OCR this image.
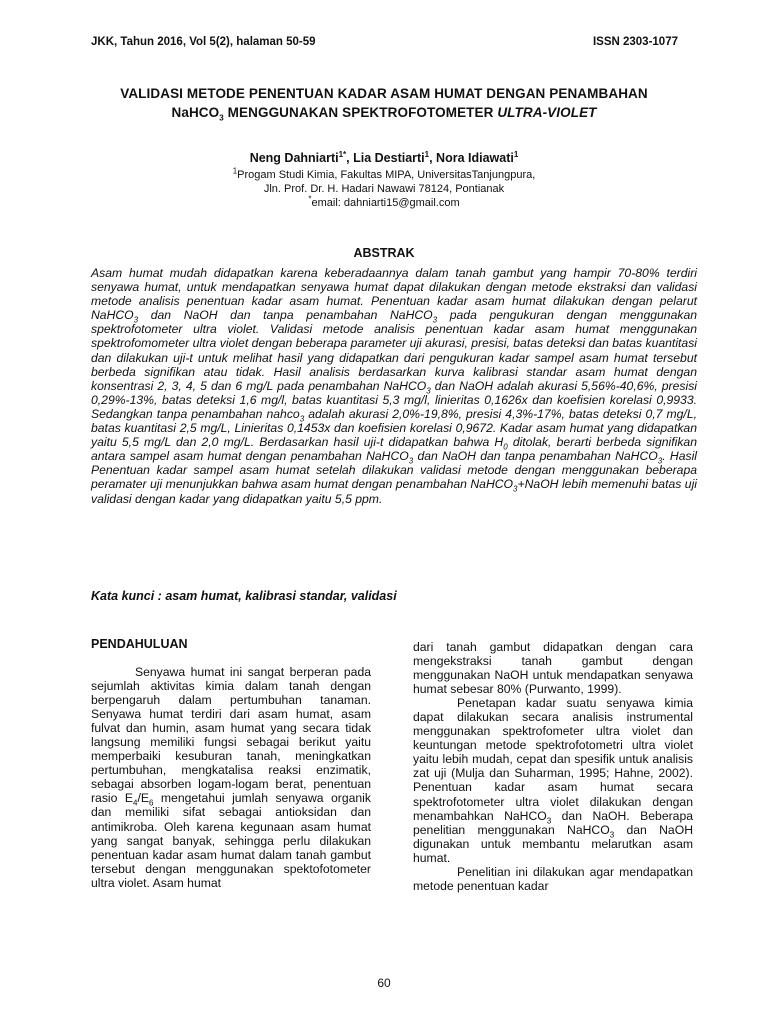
JKK, Tahun 2016, Vol 5(2), halaman 50-59	ISSN 2303-1077
VALIDASI METODE PENENTUAN KADAR ASAM HUMAT DENGAN PENAMBAHAN
NaHCO$_3$ MENGGUNAKAN SPEKTROFOTOMETER ULTRA-VIOLET
Neng Dahniarti$^{1*}$, Lia Destiarti$^1$, Nora Idiawati$^1$
$^1$Progam Studi Kimia, Fakultas MIPA, UniversitasTanjungpura,
Jln. Prof. Dr. H. Hadari Nawawi 78124, Pontianak
*email: dahniarti15@gmail.com
ABSTRAK

Asam humat mudah didapatkan karena keberadaannya dalam tanah gambut yang hampir 70-80% terdiri senyawa humat, untuk mendapatkan senyawa humat dapat dilakukan dengan metode ekstraksi dan validasi metode analisis penentuan kadar asam humat. Penentuan kadar asam humat dilakukan dengan pelarut NaHCO$_3$ dan NaOH dan tanpa penambahan NaHCO$_3$ pada pengukuran dengan menggunakan spektrofotometer ultra violet. Validasi metode analisis penentuan kadar asam humat menggunakan spektrofomometer ultra violet dengan beberapa parameter uji akurasi, presisi, batas deteksi dan batas kuantitasi dan dilakukan uji-t untuk melihat hasil yang didapatkan dari pengukuran kadar sampel asam humat tersebut berbeda signifikan atau tidak. Hasil analisis berdasarkan kurva kalibrasi standar asam humat dengan konsentrasi 2, 3, 4, 5 dan 6 mg/L pada penambahan NaHCO$_3$ dan NaOH adalah akurasi 5,56%-40,6%, presisi 0,29%-13%, batas deteksi 1,6 mg/l, batas kuantitasi 5,3 mg/l, linieritas 0,1626x dan koefisien korelasi 0,9933. Sedangkan tanpa penambahan nahco$_3$ adalah akurasi 2,0%-19,8%, presisi 4,3%-17%, batas deteksi 0,7 mg/L, batas kuantitasi 2,5 mg/L, Linieritas 0,1453x dan koefisien korelasi 0,9672. Kadar asam humat yang didapatkan yaitu 5,5 mg/L dan 2,0 mg/L. Berdasarkan hasil uji-t didapatkan bahwa $H_0$ ditolak, berarti berbeda signifikan antara sampel asam humat dengan penambahan NaHCO$_3$ dan NaOH dan tanpa penambahan NaHCO$_3$. Hasil Penentuan kadar sampel asam humat setelah dilakukan validasi metode dengan menggunakan beberapa peramater uji menunjukkan bahwa asam humat dengan penambahan NaHCO$_3$+NaOH lebih memenuhi batas uji validasi dengan kadar yang didapatkan yaitu 5,5 ppm.

Kata kunci : asam humat, kalibrasi standar, validasi
PENDAHULUAN

Senyawa humat ini sangat berperan pada sejumlah aktivitas kimia dalam tanah dengan berpengaruh dalam pertumbuhan tanaman. Senyawa humat terdiri dari asam humat, asam fulvat dan humin, asam humat yang secara tidak langsung memiliki fungsi sebagai berikut yaitu memperbaiki kesuburan tanah, meningkatkan pertumbuhan, mengkatalisa reaksi enzimatik, sebagai absorben logam-logam berat, penentuan rasio $E_4/E_6$ mengetahui jumlah senyawa organik dan memiliki sifat sebagai antioksidan dan antimikroba. Oleh karena kegunaan asam humat yang sangat banyak, sehingga perlu dilakukan penentuan kadar asam humat dalam tanah gambut tersebut dengan menggunakan spektofotometer ultra violet. Asam humat

dari tanah gambut didapatkan dengan cara mengekstraksi tanah gambut dengan menggunakan NaOH untuk mendapatkan senyawa humat sebesar 80% (Purwanto, 1999).

Penetapan kadar suatu senyawa kimia dapat dilakukan secara analisis instrumental menggunakan spektrofometer ultra violet dan keuntungan metode spektrofotometri ultra violet yaitu lebih mudah, cepat dan spesifik untuk analisis zat uji (Mulja dan Suharman, 1995; Hahne, 2002). Penentuan kadar asam humat secara spektrofotometer ultra violet dilakukan dengan menambahkan NaHCO$_3$ dan NaOH. Beberapa penelitian menggunakan NaHCO$_3$ dan NaOH digunakan untuk membantu melarutkan asam humat.

Penelitian ini dilakukan agar mendapatkan metode penentuan kadar

60
